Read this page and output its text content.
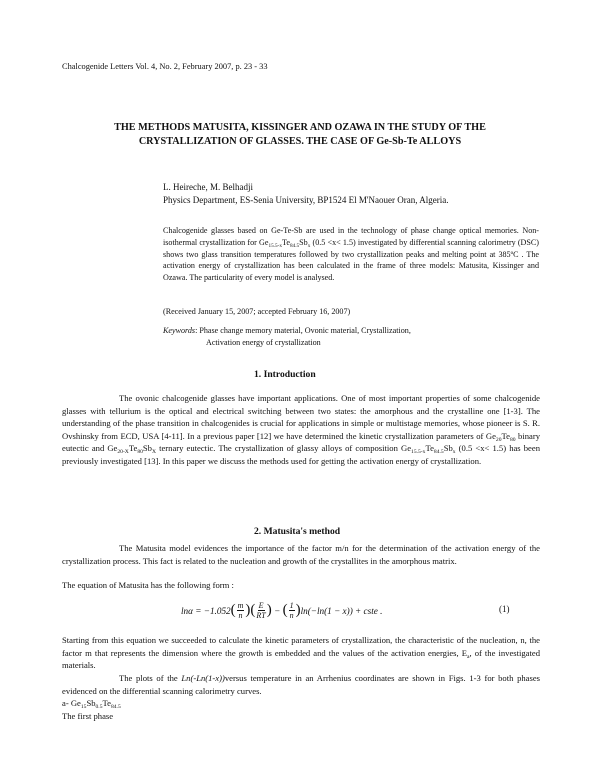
Chalcogenide Letters Vol. 4, No. 2, February 2007, p. 23 - 33
THE METHODS MATUSITA, KISSINGER AND OZAWA IN THE STUDY OF THE
CRYSTALLIZATION OF GLASSES. THE CASE OF Ge-Sb-Te ALLOYS
L. Heireche, M. Belhadji
Physics Department, ES-Senia University, BP1524 El M'Naouer Oran, Algeria.
Chalcogenide glasses based on Ge-Te-Sb are used in the technology of phase change optical memories. Non-isothermal crystallization for $Ge_{15.5-x}Te_{84.5}Sb_x$ (0.5 <x< 1.5) investigated by differential scanning calorimetry (DSC) shows two glass transition temperatures followed by two crystallization peaks and melting point at 385ºC . The activation energy of crystallization has been calculated in the frame of three models: Matusita, Kissinger and Ozawa. The particularity of every model is analysed.
(Received January 15, 2007; accepted February 16, 2007)
Keywords: Phase change memory material, Ovonic material, Crystallization,
Activation energy of crystallization
1. Introduction
The ovonic chalcogenide glasses have important applications. One of most important properties of some chalcogenide glasses with tellurium is the optical and electrical switching between two states: the amorphous and the crystalline one [1-3]. The understanding of the phase transition in chalcogenides is crucial for applications in simple or multistage memories, whose pioneer is S. R. Ovshinsky from ECD, USA [4-11]. In a previous paper [12] we have determined the kinetic crystallization parameters of $Ge_{20}Te_{80}$ binary eutectic and $Ge_{20-X}Te_{80}Sb_X$ ternary eutectic. The crystallization of glassy alloys of composition $Ge_{15.5-x}Te_{84.5}Sb_x$ (0.5 <x< 1.5) has been previously investigated [13]. In this paper we discuss the methods used for getting the activation energy of crystallization.
2. Matusita's method
The Matusita model evidences the importance of the factor m/n for the determination of the activation energy of the crystallization process. This fact is related to the nucleation and growth of the crystallites in the amorphous matrix.
The equation of Matusita has the following form :
lnα = −1.052 ( $\frac{m}{n}$ )( $\frac{E}{RT}$ ) − ( $\frac{1}{n}$ ) ln(−ln(1 − x)) + cste .	(1)
Starting from this equation we succeeded to calculate the kinetic parameters of crystallization, the characteristic of the nucleation, n, the factor m that represents the dimension where the growth is embedded and the values of the activation energies, $E_a$, of the investigated materials.
The plots of the Ln(-Ln(1-x))versus temperature in an Arrhenius coordinates are shown in Figs. 1-3 for both phases evidenced on the differential scanning calorimetry curves.
a- $Ge_{15}Sb_{0.5}Te_{84.5}$
The first phase
